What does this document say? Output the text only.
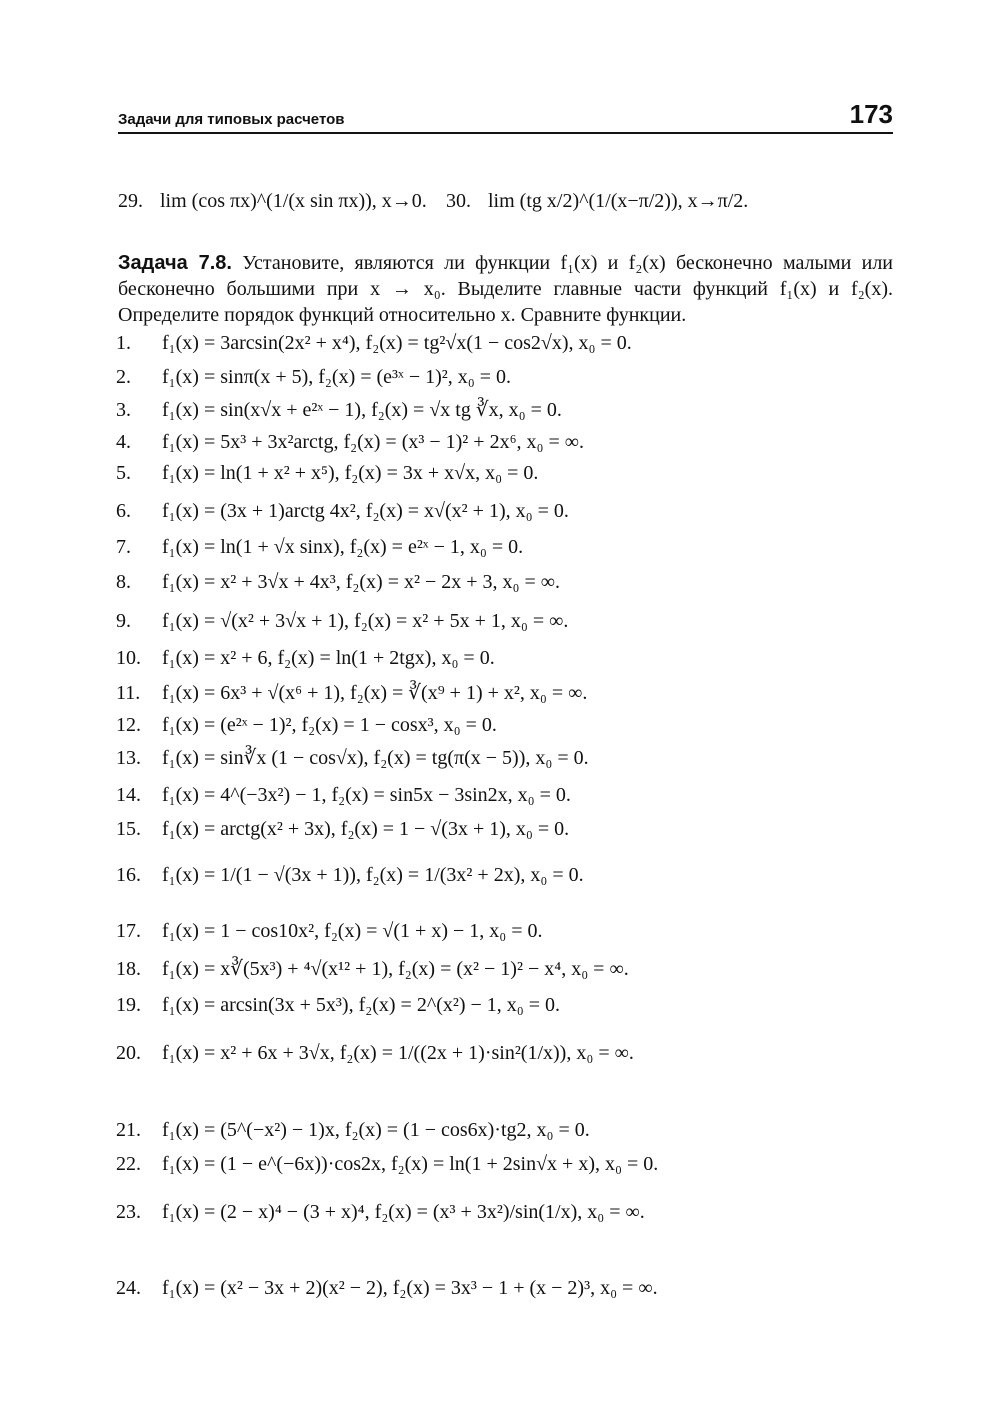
Задачи для типовых расчетов	173
29. lim (cos πx)^(1/(x sin πx)), x→0. 30. lim (tg x/2)^(1/(x−π/2)), x→π/2.
Задача 7.8. Установите, являются ли функции f₁(x) и f₂(x) бесконечно малыми или бесконечно большими при x → x₀. Выделите главные части функций f₁(x) и f₂(x). Определите порядок функций относительно x. Сравните функции.
1. f₁(x) = 3arcsin(2x² + x⁴), f₂(x) = tg²√x(1 − cos2√x), x₀ = 0.
2. f₁(x) = sinπ(x + 5), f₂(x) = (e³ˣ − 1)², x₀ = 0.
3. f₁(x) = sin(x√x + e²ˣ − 1), f₂(x) = √x tg ∛x, x₀ = 0.
4. f₁(x) = 5x³ + 3x²arctg, f₂(x) = (x³ − 1)² + 2x⁶, x₀ = ∞.
5. f₁(x) = ln(1 + x² + x⁵), f₂(x) = 3x + x√x, x₀ = 0.
6. f₁(x) = (3x + 1)arctg 4x², f₂(x) = x√(x² + 1), x₀ = 0.
7. f₁(x) = ln(1 + √x sinx), f₂(x) = e²ˣ − 1, x₀ = 0.
8. f₁(x) = x² + 3√x + 4x³, f₂(x) = x² − 2x + 3, x₀ = ∞.
9. f₁(x) = √(x² + 3√x + 1), f₂(x) = x² + 5x + 1, x₀ = ∞.
10. f₁(x) = x² + 6, f₂(x) = ln(1 + 2tgx), x₀ = 0.
11. f₁(x) = 6x³ + √(x⁶ + 1), f₂(x) = ∛(x⁹ + 1) + x², x₀ = ∞.
12. f₁(x) = (e²ˣ − 1)², f₂(x) = 1 − cosx³, x₀ = 0.
13. f₁(x) = sin∛x (1 − cos√x), f₂(x) = tg(π(x − 5)), x₀ = 0.
14. f₁(x) = 4^(−3x²) − 1, f₂(x) = sin5x − 3sin2x, x₀ = 0.
15. f₁(x) = arctg(x² + 3x), f₂(x) = 1 − √(3x + 1), x₀ = 0.
16. f₁(x) = 1/(1 − √(3x + 1)), f₂(x) = 1/(3x² + 2x), x₀ = 0.
17. f₁(x) = 1 − cos10x², f₂(x) = √(1 + x) − 1, x₀ = 0.
18. f₁(x) = x∛(5x³) + ⁴√(x¹² + 1), f₂(x) = (x² − 1)² − x⁴, x₀ = ∞.
19. f₁(x) = arcsin(3x + 5x³), f₂(x) = 2^(x²) − 1, x₀ = 0.
20. f₁(x) = x² + 6x + 3√x, f₂(x) = 1/((2x + 1)·sin²(1/x)), x₀ = ∞.
21. f₁(x) = (5^(−x²) − 1)x, f₂(x) = (1 − cos6x)·tg2, x₀ = 0.
22. f₁(x) = (1 − e^(−6x))·cos2x, f₂(x) = ln(1 + 2sin√x + x), x₀ = 0.
23. f₁(x) = (2 − x)⁴ − (3 + x)⁴, f₂(x) = (x³ + 3x²)/sin(1/x), x₀ = ∞.
24. f₁(x) = (x² − 3x + 2)(x² − 2), f₂(x) = 3x³ − 1 + (x − 2)³, x₀ = ∞.
